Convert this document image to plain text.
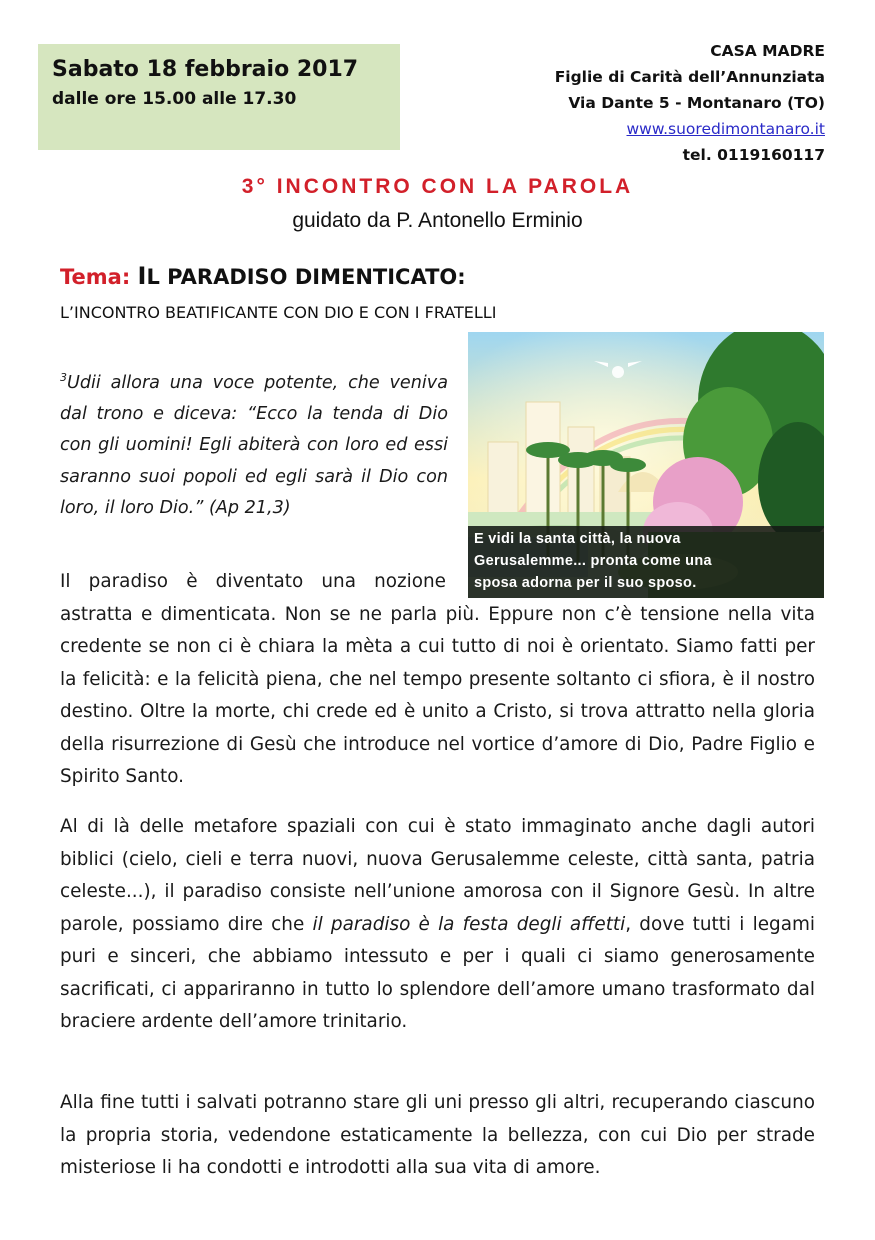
Sabato 18 febbraio 2017
dalle ore 15.00 alle 17.30
CASA MADRE
Figlie di Carità dell’Annunziata
Via Dante 5 - Montanaro (TO)
www.suoredimontanaro.it
tel. 0119160117
3° INCONTRO CON LA PAROLA
guidato da P. Antonello Erminio
Tema: IL PARADISO DIMENTICATO:
L’INCONTRO BEATIFICANTE CON DIO E CON I FRATELLI
$^3$Udii allora una voce potente, che veniva dal trono e diceva: “Ecco la tenda di Dio con gli uomini! Egli abiterà con loro ed essi saranno suoi popoli ed egli sarà il Dio con loro, il loro Dio.” (Ap 21,3)
E vidi la santa città, la nuova
Gerusalemme... pronta come una
sposa adorna per il suo sposo.
Il paradiso è diventato una nozione
astratta e dimenticata. Non se ne parla più. Eppure non c’è tensione nella vita credente se non ci è chiara la mèta a cui tutto di noi è orientato. Siamo fatti per la felicità: e la felicità piena, che nel tempo presente soltanto ci sfiora, è il nostro destino. Oltre la morte, chi crede ed è unito a Cristo, si trova attratto nella gloria della risurrezione di Gesù che introduce nel vortice d’amore di Dio, Padre Figlio e Spirito Santo.
Al di là delle metafore spaziali con cui è stato immaginato anche dagli autori biblici (cielo, cieli e terra nuovi, nuova Gerusalemme celeste, città santa, patria celeste...), il paradiso consiste nell’unione amorosa con il Signore Gesù. In altre parole, possiamo dire che il paradiso è la festa degli affetti, dove tutti i legami puri e sinceri, che abbiamo intessuto e per i quali ci siamo generosamente sacrificati, ci appariranno in tutto lo splendore dell’amore umano trasformato dal braciere ardente dell’amore trinitario.
Alla fine tutti i salvati potranno stare gli uni presso gli altri, recuperando ciascuno la propria storia, vedendone estaticamente la bellezza, con cui Dio per strade misteriose li ha condotti e introdotti alla sua vita di amore.
